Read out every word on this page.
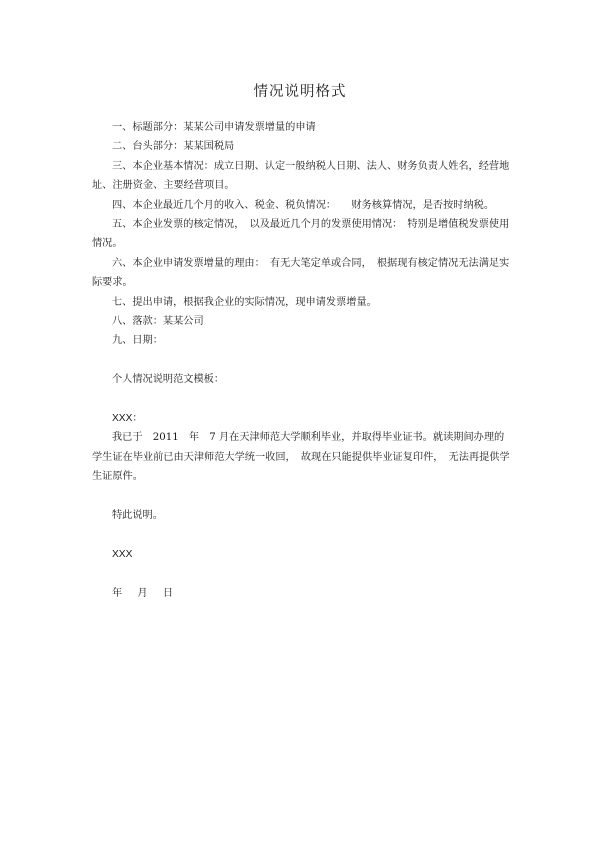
情况说明格式

一、标题部分：某某公司申请发票增量的申请

二、台头部分：某某国税局

三、本企业基本情况：成立日期、认定一般纳税人日期、法人、财务负责人姓名，经营地址、注册资金、主要经营项目。

四、本企业最近几个月的收入、税金、税负情况：　　财务核算情况，是否按时纳税。

五、本企业发票的核定情况，　以及最近几个月的发票使用情况：　特别是增值税发票使用情况。

六、本企业申请发票增量的理由：　有无大笔定单或合同，　根据现有核定情况无法满足实际要求。

七、提出申请，根据我企业的实际情况，现申请发票增量。

八、落款：某某公司

九、日期：

个人情况说明范文模板：

XXX：

我已于　2011　年　7 月在天津师范大学顺利毕业，并取得毕业证书。就读期间办理的学生证在毕业前已由天津师范大学统一收回，　故现在只能提供毕业证复印件，　无法再提供学生证原件。

特此说明。

XXX

年 月 日
